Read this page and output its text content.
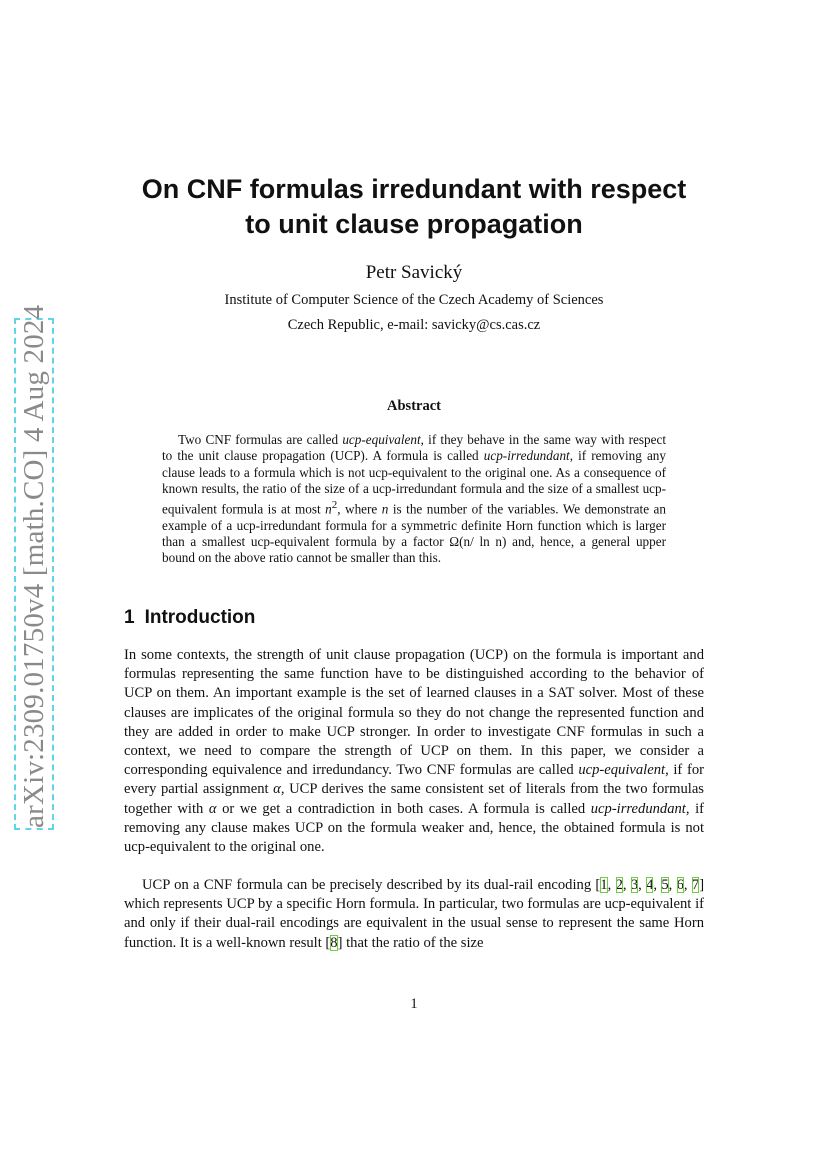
arXiv:2309.01750v4 [math.CO] 4 Aug 2024
On CNF formulas irredundant with respect
to unit clause propagation
Petr Savický
Institute of Computer Science of the Czech Academy of Sciences
Czech Republic, e-mail: savicky@cs.cas.cz
Abstract

Two CNF formulas are called ucp-equivalent, if they behave in the same way with respect to the unit clause propagation (UCP). A formula is called ucp-irredundant, if removing any clause leads to a formula which is not ucp-equivalent to the original one. As a consequence of known results, the ratio of the size of a ucp-irredundant formula and the size of a smallest ucp-equivalent formula is at most $n^2$, where n is the number of the variables. We demonstrate an example of a ucp-irredundant formula for a symmetric definite Horn function which is larger than a smallest ucp-equivalent formula by a factor Ω(n/ ln n) and, hence, a general upper bound on the above ratio cannot be smaller than this.

1 Introduction

In some contexts, the strength of unit clause propagation (UCP) on the formula is important and formulas representing the same function have to be distinguished according to the behavior of UCP on them. An important example is the set of learned clauses in a SAT solver. Most of these clauses are implicates of the original formula so they do not change the represented function and they are added in order to make UCP stronger. In order to investigate CNF formulas in such a context, we need to compare the strength of UCP on them. In this paper, we consider a corresponding equivalence and irredundancy. Two CNF formulas are called ucp-equivalent, if for every partial assignment α, UCP derives the same consistent set of literals from the two formulas together with α or we get a contradiction in both cases. A formula is called ucp-irredundant, if removing any clause makes UCP on the formula weaker and, hence, the obtained formula is not ucp-equivalent to the original one.

UCP on a CNF formula can be precisely described by its dual-rail encoding [1, 2, 3, 4, 5, 6, 7] which represents UCP by a specific Horn formula. In particular, two formulas are ucp-equivalent if and only if their dual-rail encodings are equivalent in the usual sense to represent the same Horn function. It is a well-known result [8] that the ratio of the size

1
